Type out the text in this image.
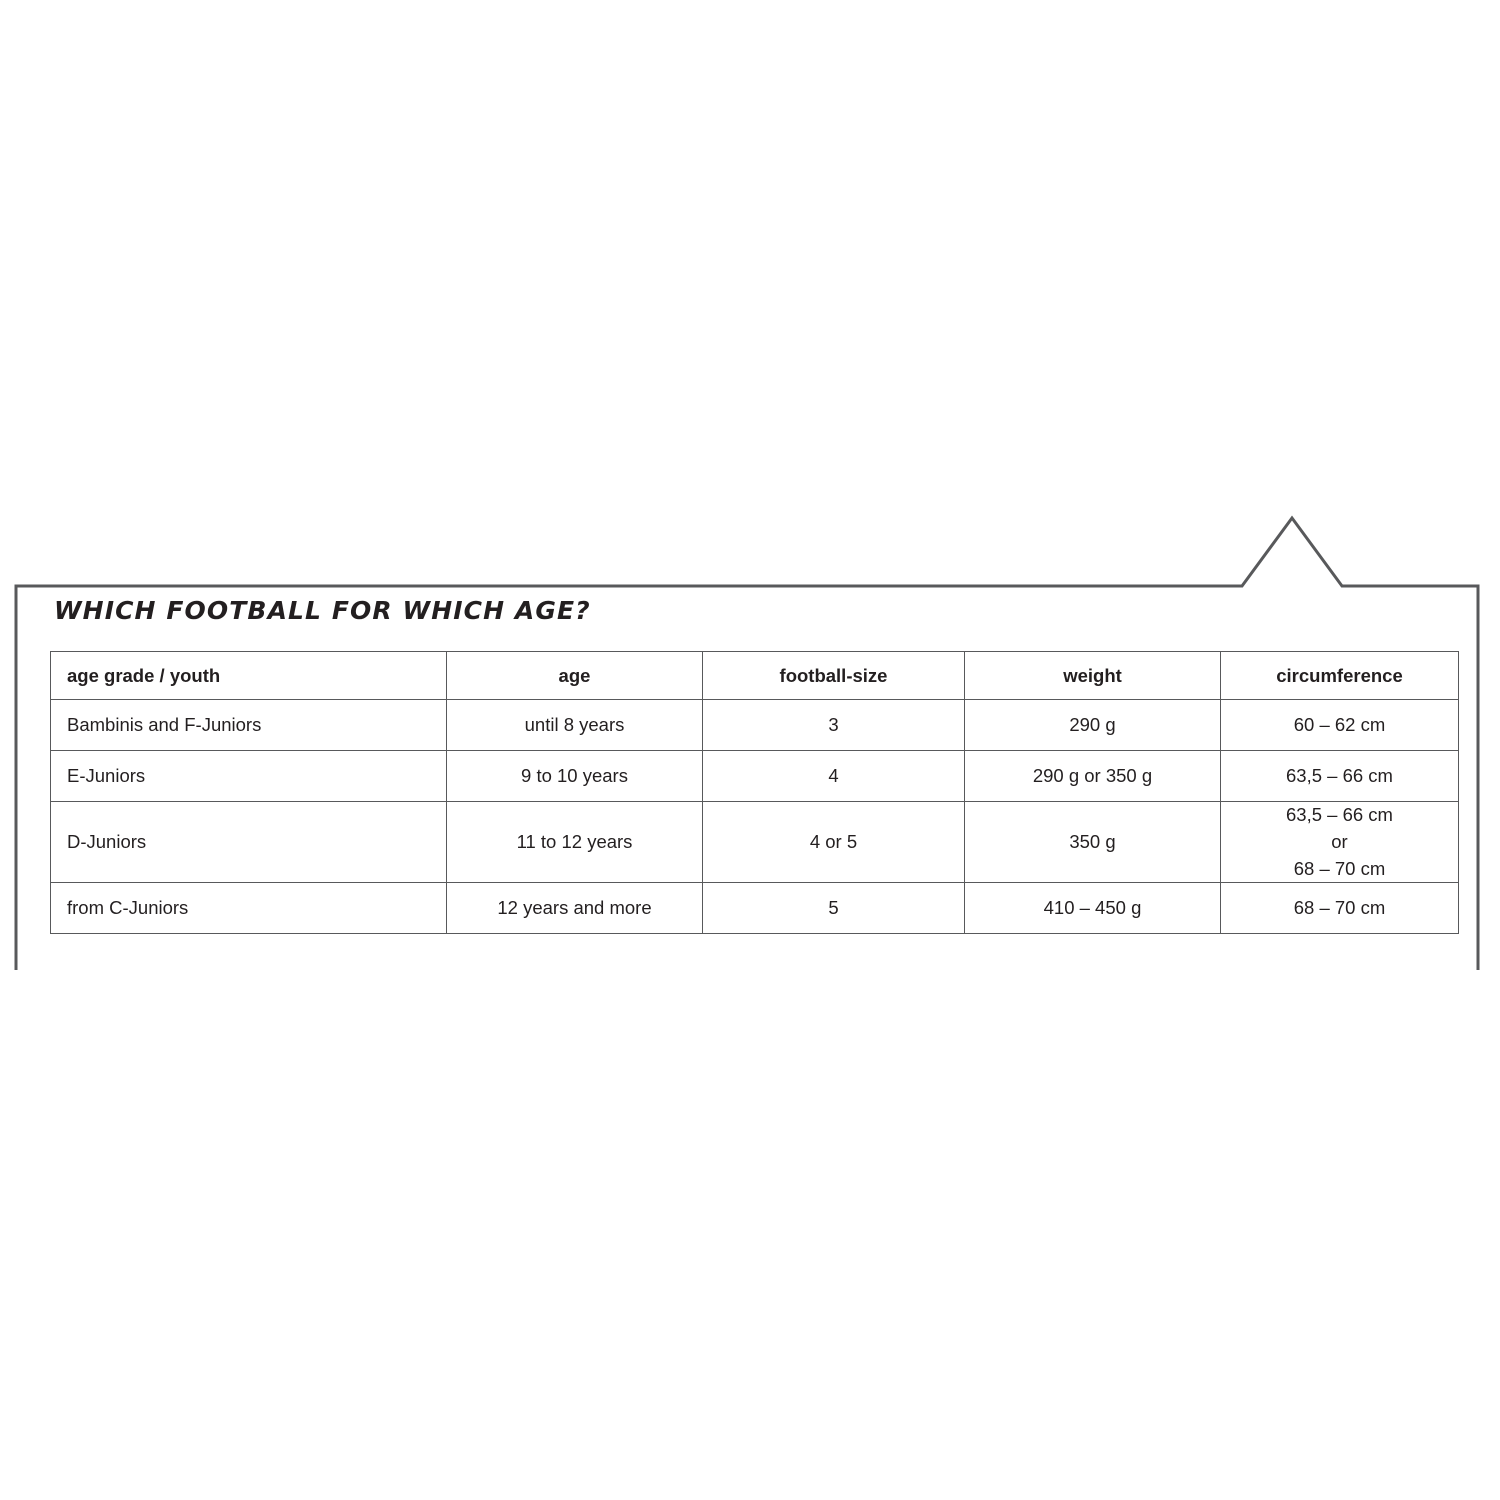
WHICH FOOTBALL FOR WHICH AGE?
age grade / youth	age	football-size	weight	circumference
Bambinis and F-Juniors	until 8 years	3	290 g	60 – 62 cm
E-Juniors	9 to 10 years	4	290 g or 350 g	63,5 – 66 cm
D-Juniors	11 to 12 years	4 or 5	350 g	63,5 – 66 cm
or
68 – 70 cm
from C-Juniors	12 years and more	5	410 – 450 g	68 – 70 cm
